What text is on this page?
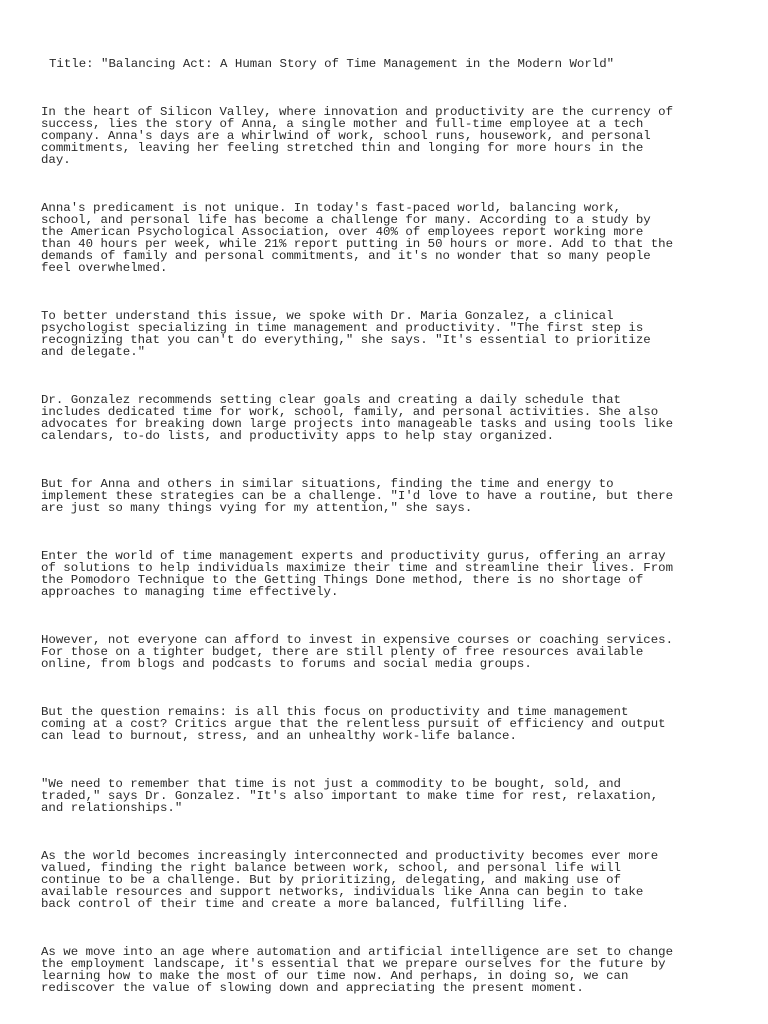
Title: "Balancing Act: A Human Story of Time Management in the Modern World"

In the heart of Silicon Valley, where innovation and productivity are the currency of
success, lies the story of Anna, a single mother and full-time employee at a tech
company. Anna's days are a whirlwind of work, school runs, housework, and personal
commitments, leaving her feeling stretched thin and longing for more hours in the
day.

Anna's predicament is not unique. In today's fast-paced world, balancing work,
school, and personal life has become a challenge for many. According to a study by
the American Psychological Association, over 40% of employees report working more
than 40 hours per week, while 21% report putting in 50 hours or more. Add to that the
demands of family and personal commitments, and it's no wonder that so many people
feel overwhelmed.

To better understand this issue, we spoke with Dr. Maria Gonzalez, a clinical
psychologist specializing in time management and productivity. "The first step is
recognizing that you can't do everything," she says. "It's essential to prioritize
and delegate."

Dr. Gonzalez recommends setting clear goals and creating a daily schedule that
includes dedicated time for work, school, family, and personal activities. She also
advocates for breaking down large projects into manageable tasks and using tools like
calendars, to-do lists, and productivity apps to help stay organized.

But for Anna and others in similar situations, finding the time and energy to
implement these strategies can be a challenge. "I'd love to have a routine, but there
are just so many things vying for my attention," she says.

Enter the world of time management experts and productivity gurus, offering an array
of solutions to help individuals maximize their time and streamline their lives. From
the Pomodoro Technique to the Getting Things Done method, there is no shortage of
approaches to managing time effectively.

However, not everyone can afford to invest in expensive courses or coaching services.
For those on a tighter budget, there are still plenty of free resources available
online, from blogs and podcasts to forums and social media groups.

But the question remains: is all this focus on productivity and time management
coming at a cost? Critics argue that the relentless pursuit of efficiency and output
can lead to burnout, stress, and an unhealthy work-life balance.

"We need to remember that time is not just a commodity to be bought, sold, and
traded," says Dr. Gonzalez. "It's also important to make time for rest, relaxation,
and relationships."

As the world becomes increasingly interconnected and productivity becomes ever more
valued, finding the right balance between work, school, and personal life will
continue to be a challenge. But by prioritizing, delegating, and making use of
available resources and support networks, individuals like Anna can begin to take
back control of their time and create a more balanced, fulfilling life.

As we move into an age where automation and artificial intelligence are set to change
the employment landscape, it's essential that we prepare ourselves for the future by
learning how to make the most of our time now. And perhaps, in doing so, we can
rediscover the value of slowing down and appreciating the present moment.
